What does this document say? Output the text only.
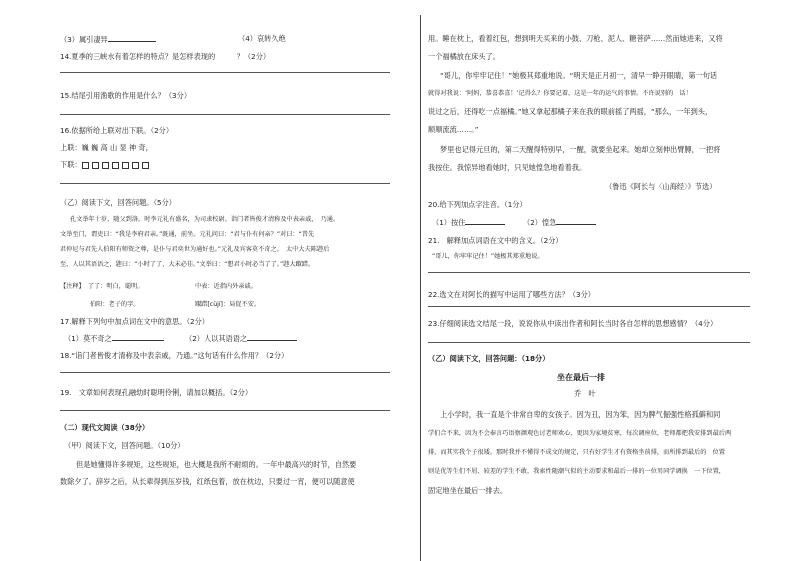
（3）属引凄异	（4）哀转久绝
14.夏季的三峡水有着怎样的特点？是怎样表现的　　　？（2分）
15.结尾引用渔歌的作用是什么？（3分）
16.依据所给上联对出下联。（2分）
上联：巍 巍 高 山 显 神 奇，
下联：
（乙）阅读下文，回答问题。（5分）
孔文举年十岁，随父到洛。时李元礼有盛名，为司隶校尉。诣门者皆俊才清称及中表亲戚，　乃通。
文举至门，谓吏曰：“我是李府君亲。”既通，前坐。元礼问曰：“君与仆有何亲？”对曰：“昔先
君仲尼与君先人伯阳有师资之尊，是仆与君奕世为通好也。”元礼及宾客莫不奇之。　太中大夫陈韪后
至，人以其语语之，韪曰：“小时了了，大未必佳。”文举曰：“想君小时必当了了。”韪大踧踖。
【注释】　了了：明白，聪明。	中表：近指内外亲戚。
伯阳：老子的字。	踧踖[cùjí]：局促不安。
17.解释下列句中加点词在文中的意思。（2分）
（1）莫不奇之	（2）人以其语语之
18.“诣门者皆俊才清称及中表亲戚，乃通。”这句话有什么作用？（2分）
19.　文章如何表现孔融幼时聪明伶俐，请加以概括。（2分）
（二）现代文阅读（38分）
（甲）阅读下文，回答问题。（10分）
但是她懂得许多规矩，这些规矩，也大概是我所不耐烦的。一年中最高兴的时节，自然要
数除夕了。辞岁之后，从长辈得到压岁钱，红纸包着，放在枕边，只要过一宵，便可以随意使
用。睡在枕上，看着红包，想到明天买来的小鼓、刀枪、泥人、糖菩萨……然而她进来，又将
一个福橘放在床头了。
“哥儿，你牢牢记住！”她极其郑重地说。“明天是正月初一，清早一睁开眼睛，第一句话
就得对我说：‘阿妈，恭喜恭喜！’记得么？你要记着，这是一年的运气的事情。不许说别的　话！
说过之后，还得吃一点福橘。”她又拿起那橘子来在我的眼前摇了两摇，“那么，一年到头，
顺顺流流……。”
梦里也记得元旦的，第二天醒得特别早，一醒，就要坐起来。她却立刻伸出臂膊，一把将
我按住。我惊异地看她时，只见她惶急地看着我。
（鲁迅《阿长与〈山海经〉》节选）
20.给下列加点字注音。（1分）
（1）按住	（2）惶急
21.　解释加点词语在文中的含义。（2分）
“哥儿，你牢牢记住！”她极其郑重地说。
22.选文在对阿长的描写中运用了哪些方法？（3分）
23.仔细阅读选文结尾一段，说说你从中读出作者和阿长当时各自怎样的思想感情？（4分）
（乙）阅读下文，回答问题：（18分）
坐在最后一排
乔　叶
上小学时，我一直是个非常自卑的女孩子。因为丑，因为笨，因为脾气倔强性格孤僻和同
学们合不来，因为不会奉言巧语察颜观色讨老师欢心，更因为家境贫寒，每次调座位，老师都把我安排到最后两
排，而其实我个子很矮。那时我并不懂得不成文的规定，只有好学生才有资格坐前排，而所排到最后的　位置
则是优等生们不屑、较差的学生不敢，我索性随潮气似的主动要求和最后一排的一位男同学调换　一下位置，
固定地坐在最后一排去。
